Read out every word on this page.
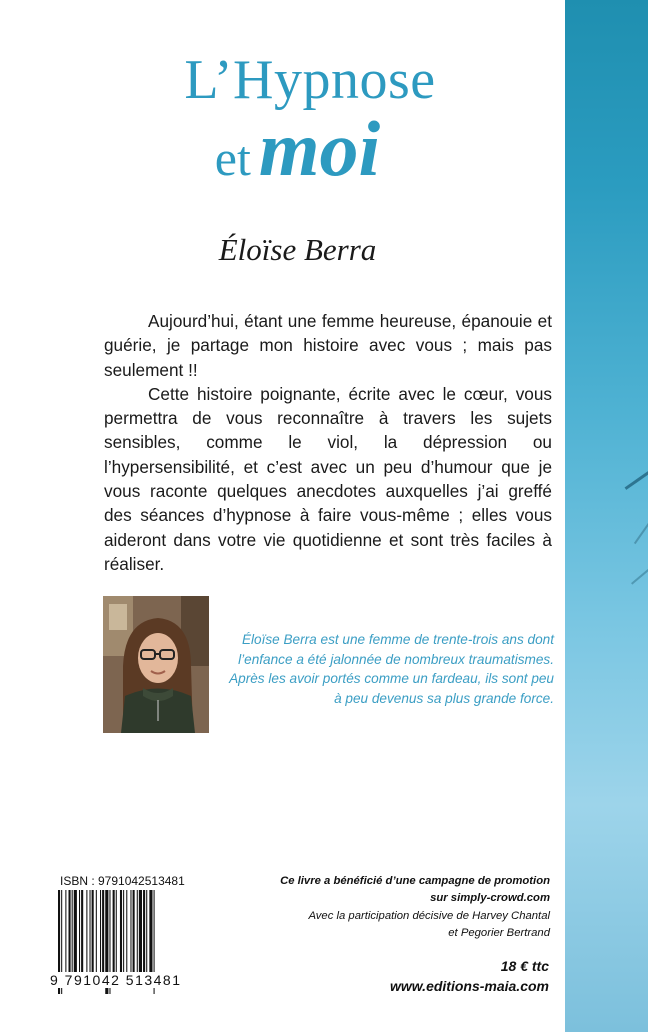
L’Hypnose
et moi
Éloïse Berra

Aujourd’hui, étant une femme heureuse, épanouie et guérie, je partage mon histoire avec vous ; mais pas seulement !!

Cette histoire poignante, écrite avec le cœur, vous permettra de vous reconnaître à travers les sujets sensibles, comme le viol, la dépression ou l’hypersensibilité, et c’est avec un peu d’humour que je vous raconte quelques anecdotes auxquelles j’ai greffé des séances d’hypnose à faire vous-même ; elles vous aideront dans votre vie quotidienne et sont très faciles à réaliser.

Éloïse Berra est une femme de trente-trois ans dont l’enfance a été jalonnée de nombreux traumatismes. Après les avoir portés comme un fardeau, ils sont peu à peu devenus sa plus grande force.
ISBN : 9791042513481
9 791042 513481
Ce livre a bénéficié d’une campagne de promotion
sur simply-crowd.com
Avec la participation décisive de Harvey Chantal
et Pegorier Bertrand
18 € ttc
www.editions-maia.com
